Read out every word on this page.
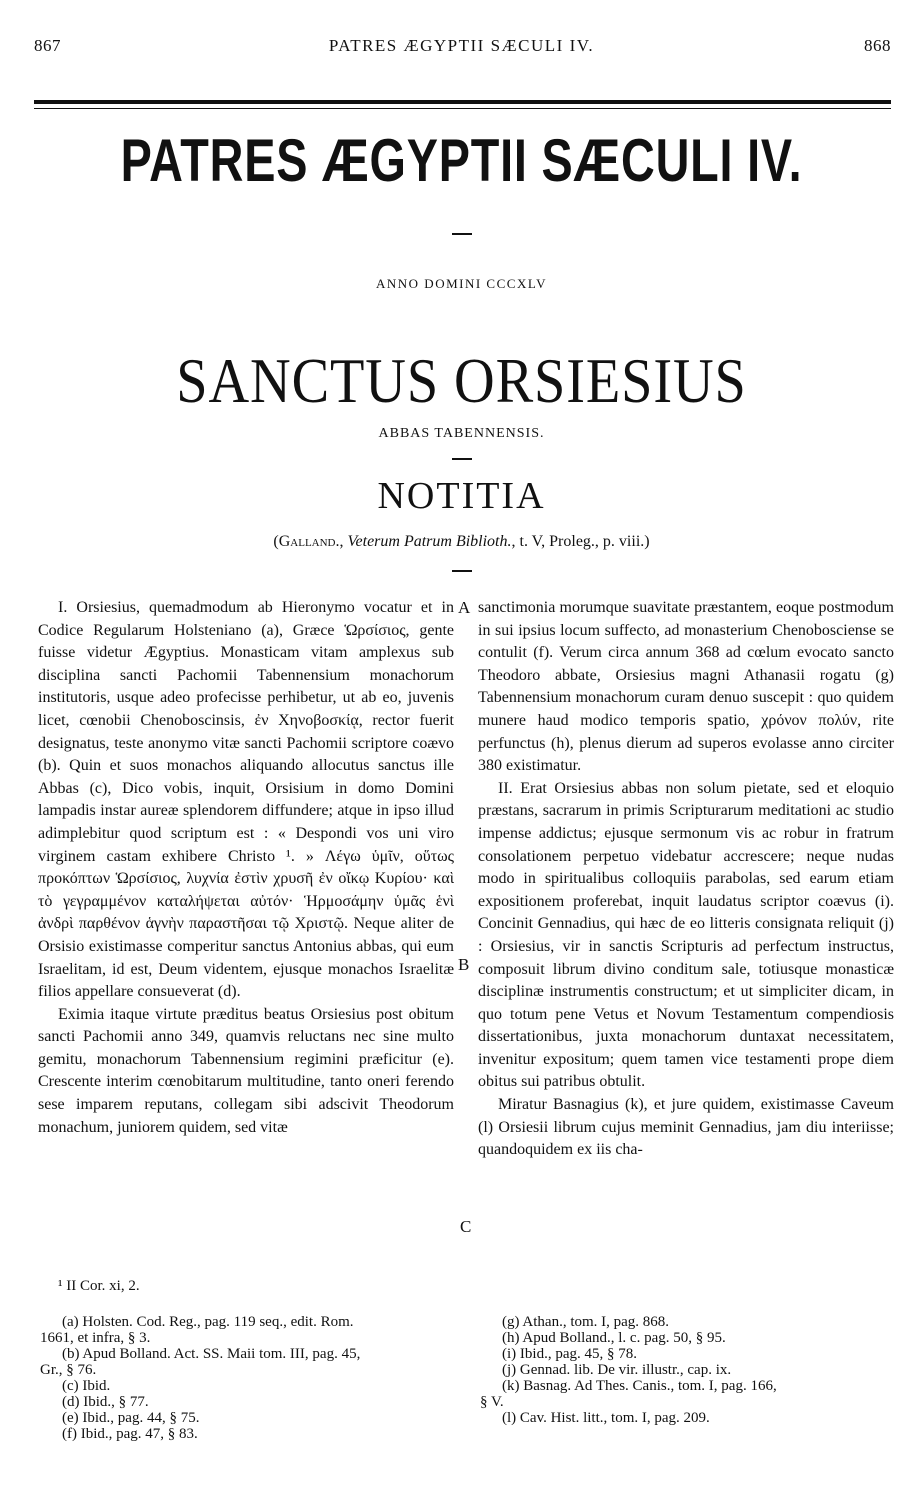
867	PATRES ÆGYPTII SÆCULI IV.	868
PATRES ÆGYPTII SÆCULI IV.
ANNO DOMINI CCCXLV
SANCTUS ORSIESIUS
ABBAS TABENNENSIS.
NOTITIA
(Galland., Veterum Patrum Biblioth., t. V, Proleg., p. viii.)

I. Orsiesius, quemadmodum ab Hieronymo vocatur et in Codice Regularum Holsteniano (a), Græce Ὡρσίσιος, gente fuisse videtur Ægyptius. Monasticam vitam amplexus sub disciplina sancti Pachomii Tabennensium monachorum institutoris, usque adeo profecisse perhibetur, ut ab eo, juvenis licet, cœnobii Chenoboscinsis, ἐν Χηνοβοσκίᾳ, rector fuerit designatus, teste anonymo vitæ sancti Pachomii scriptore coævo (b). Quin et suos monachos aliquando allocutus sanctus ille Abbas (c), Dico vobis, inquit, Orsisium in domo Domini lampadis instar aureæ splendorem diffundere; atque in ipso illud adimplebitur quod scriptum est : « Despondi vos uni viro virginem castam exhibere Christo ¹. » Λέγω ὑμῖν, οὕτως προκόπτων Ὡρσίσιος, λυχνία ἐστὶν χρυσῆ ἐν οἴκῳ Κυρίου· καὶ τὸ γεγραμμένον καταλήψεται αὐτόν· Ἡρμοσάμην ὑμᾶς ἑνὶ ἀνδρὶ παρθένον ἁγνὴν παραστῆσαι τῷ Χριστῷ. Neque aliter de Orsisio existimasse comperitur sanctus Antonius abbas, qui eum Israelitam, id est, Deum videntem, ejusque monachos Israelitæ filios appellare consueverat (d).

Eximia itaque virtute præditus beatus Orsiesius post obitum sancti Pachomii anno 349, quamvis reluctans nec sine multo gemitu, monachorum Tabennensium regimini præficitur (e). Crescente interim cœnobitarum multitudine, tanto oneri ferendo sese imparem reputans, collegam sibi adscivit Theodorum monachum, juniorem quidem, sed vitæ

A
B
C

sanctimonia morumque suavitate præstantem, eoque postmodum in sui ipsius locum suffecto, ad monasterium Chenobosciense se contulit (f). Verum circa annum 368 ad cœlum evocato sancto Theodoro abbate, Orsiesius magni Athanasii rogatu (g) Tabennensium monachorum curam denuo suscepit : quo quidem munere haud modico temporis spatio, χρόνον πολύν, rite perfunctus (h), plenus dierum ad superos evolasse anno circiter 380 existimatur.

II. Erat Orsiesius abbas non solum pietate, sed et eloquio præstans, sacrarum in primis Scripturarum meditationi ac studio impense addictus; ejusque sermonum vis ac robur in fratrum consolationem perpetuo videbatur accrescere; neque nudas modo in spiritualibus colloquiis parabolas, sed earum etiam expositionem proferebat, inquit laudatus scriptor coævus (i). Concinit Gennadius, qui hæc de eo litteris consignata reliquit (j) : Orsiesius, vir in sanctis Scripturis ad perfectum instructus, composuit librum divino conditum sale, totiusque monasticæ disciplinæ instrumentis constructum; et ut simpliciter dicam, in quo totum pene Vetus et Novum Testamentum compendiosis dissertationibus, juxta monachorum duntaxat necessitatem, invenitur expositum; quem tamen vice testamenti prope diem obitus sui patribus obtulit.

Miratur Basnagius (k), et jure quidem, existimasse Caveum (l) Orsiesii librum cujus meminit Gennadius, jam diu interiisse; quandoquidem ex iis cha-

¹ II Cor. xi, 2.
(a) Holsten. Cod. Reg., pag. 119 seq., edit. Rom.
1661, et infra, § 3.
(b) Apud Bolland. Act. SS. Maii tom. III, pag. 45,
Gr., § 76.
(c) Ibid.
(d) Ibid., § 77.
(e) Ibid., pag. 44, § 75.
(f) Ibid., pag. 47, § 83.
(g) Athan., tom. I, pag. 868.
(h) Apud Bolland., l. c. pag. 50, § 95.
(i) Ibid., pag. 45, § 78.
(j) Gennad. lib. De vir. illustr., cap. ix.
(k) Basnag. Ad Thes. Canis., tom. I, pag. 166,
§ V.
(l) Cav. Hist. litt., tom. I, pag. 209.
